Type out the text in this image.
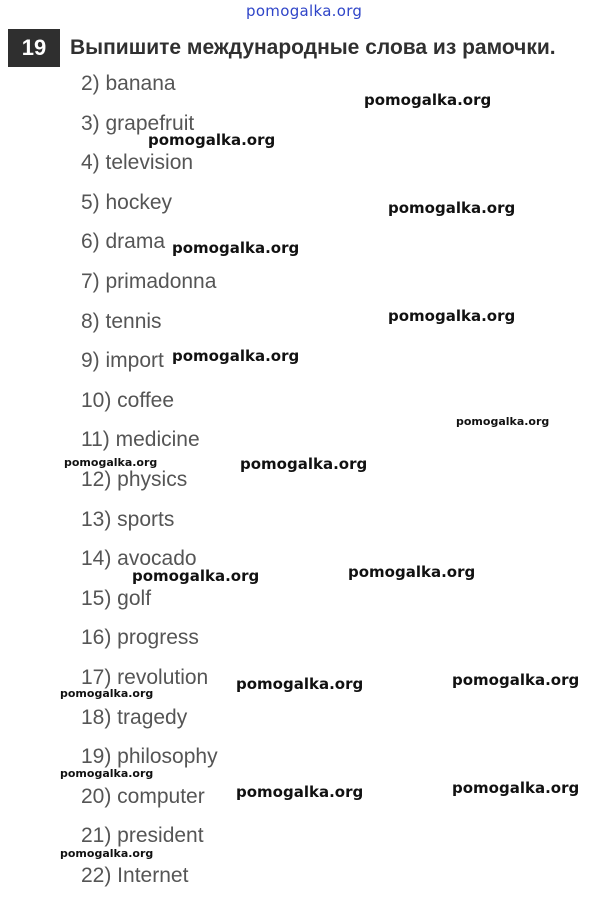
pomogalka.org
19	Выпишите международные слова из рамочки.
2) banana
3) grapefruit
4) television
5) hockey
6) drama
7) primadonna
8) tennis
9) import
10) coffee
11) medicine
12) physics
13) sports
14) avocado
15) golf
16) progress
17) revolution
18) tragedy
19) philosophy
20) computer
21) president
22) Internet
pomogalka.org
pomogalka.org
pomogalka.org
pomogalka.org
pomogalka.org
pomogalka.org
pomogalka.org
pomogalka.org	pomogalka.org
pomogalka.org
pomogalka.org
pomogalka.org
pomogalka.org
pomogalka.org
pomogalka.org
pomogalka.org
pomogalka.org
pomogalka.org
